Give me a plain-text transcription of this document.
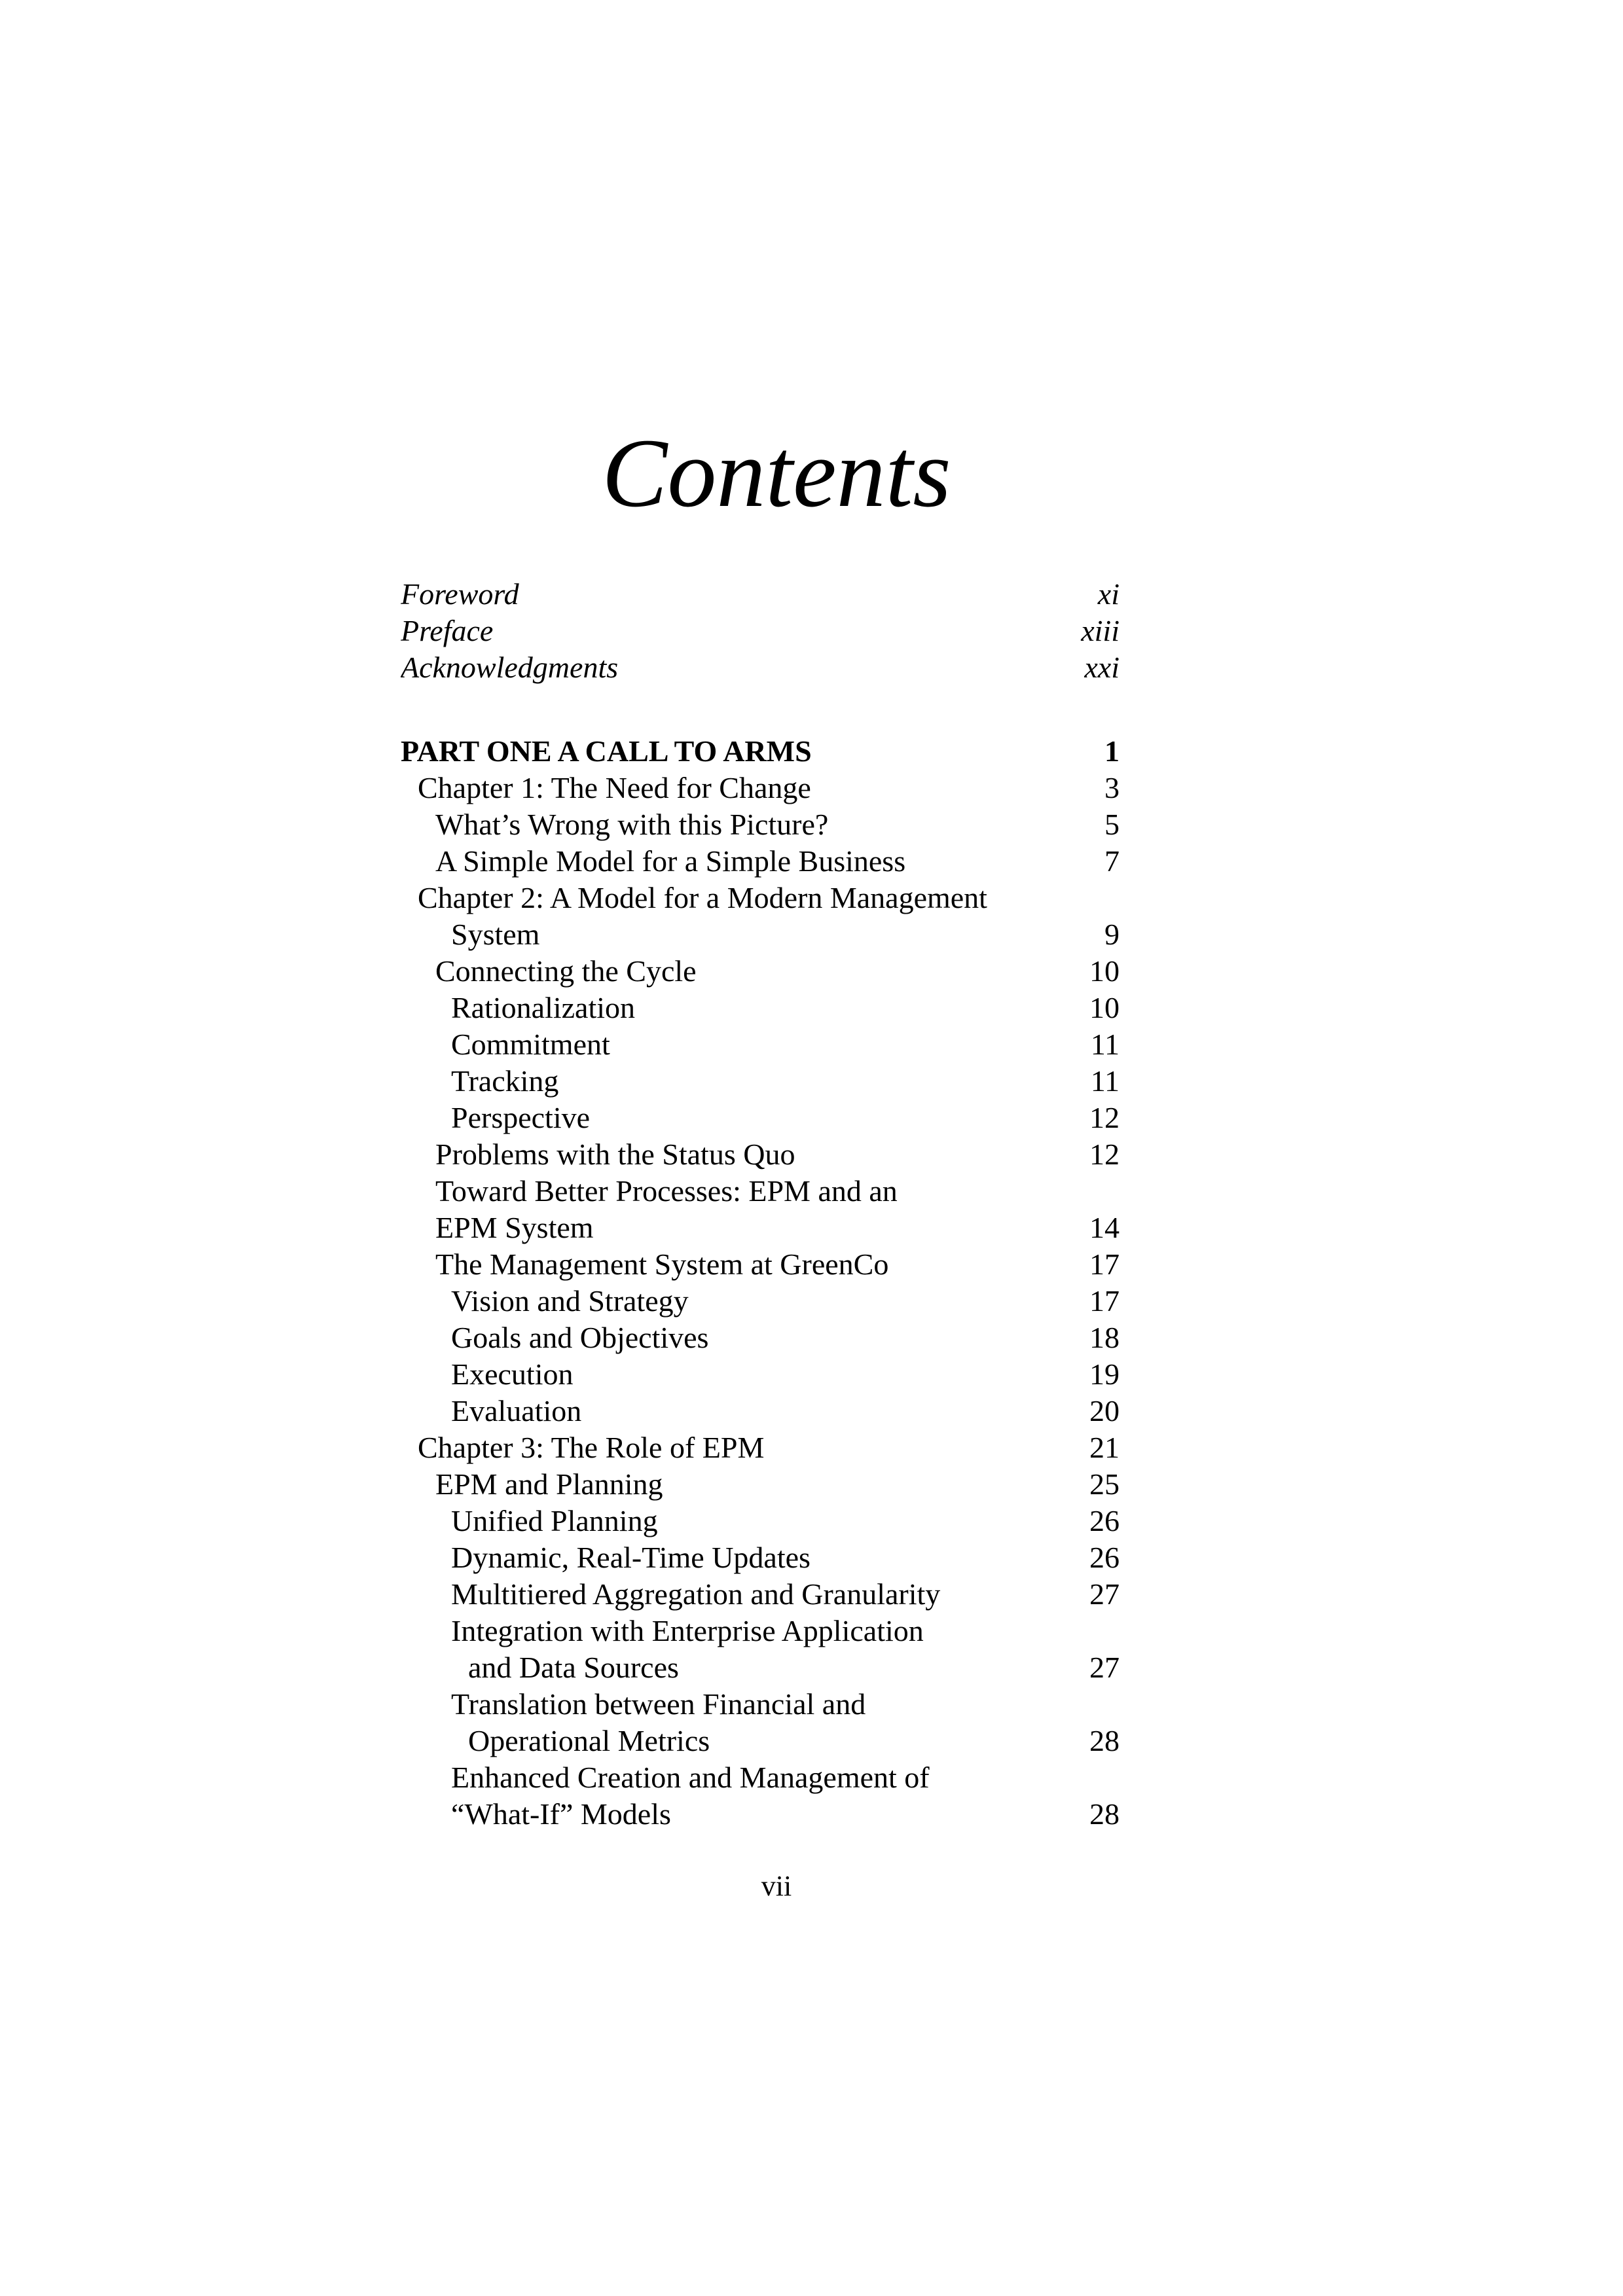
Contents
Foreword	xi
Preface	xiii
Acknowledgments	xxi
PART ONE A CALL TO ARMS	1
Chapter 1: The Need for Change	3
What’s Wrong with this Picture?	5
A Simple Model for a Simple Business	7
Chapter 2: A Model for a Modern Management
System	9
Connecting the Cycle	10
Rationalization	10
Commitment	11
Tracking	11
Perspective	12
Problems with the Status Quo	12
Toward Better Processes: EPM and an
EPM System	14
The Management System at GreenCo	17
Vision and Strategy	17
Goals and Objectives	18
Execution	19
Evaluation	20
Chapter 3: The Role of EPM	21
EPM and Planning	25
Unified Planning	26
Dynamic, Real-Time Updates	26
Multitiered Aggregation and Granularity	27
Integration with Enterprise Application
and Data Sources	27
Translation between Financial and
Operational Metrics	28
Enhanced Creation and Management of
“What-If” Models	28
vii
